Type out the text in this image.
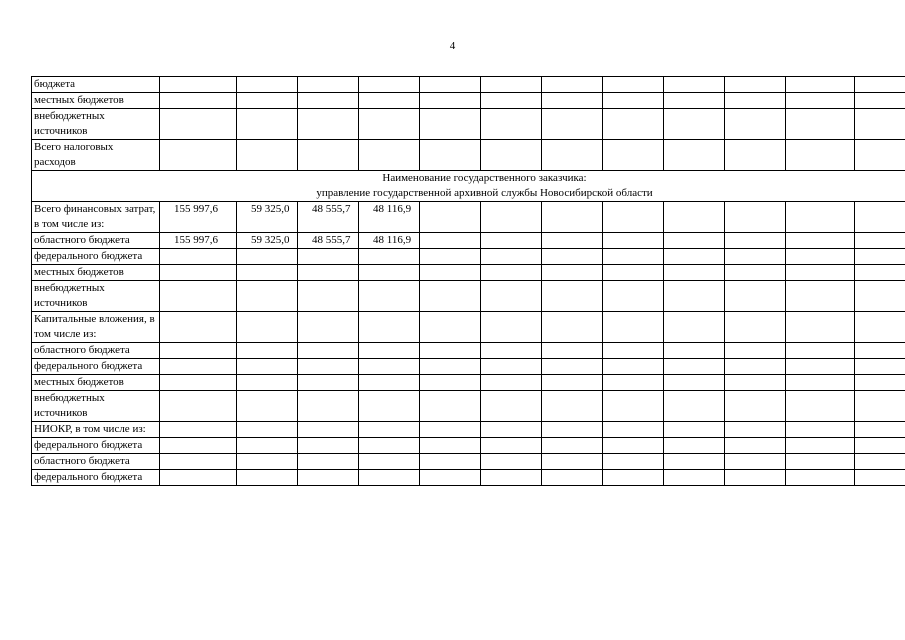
4
бюджета												
местных бюджетов												
внебюджетных источников												
Всего налоговых расходов												

Наименование государственного заказчика:
управление государственной архивной службы Новосибирской области												

Всего финансовых затрат, в том числе из:	155 997,6	59 325,0	48 555,7	48 116,9								
областного бюджета	155 997,6	59 325,0	48 555,7	48 116,9								
федерального бюджета												
местных бюджетов												
внебюджетных источников												
Капитальные вложения, в том числе из:												
областного бюджета												
федерального бюджета												
местных бюджетов												
внебюджетных источников												
НИОКР, в том числе из:												
федерального бюджета												
областного бюджета												
федерального бюджета												
